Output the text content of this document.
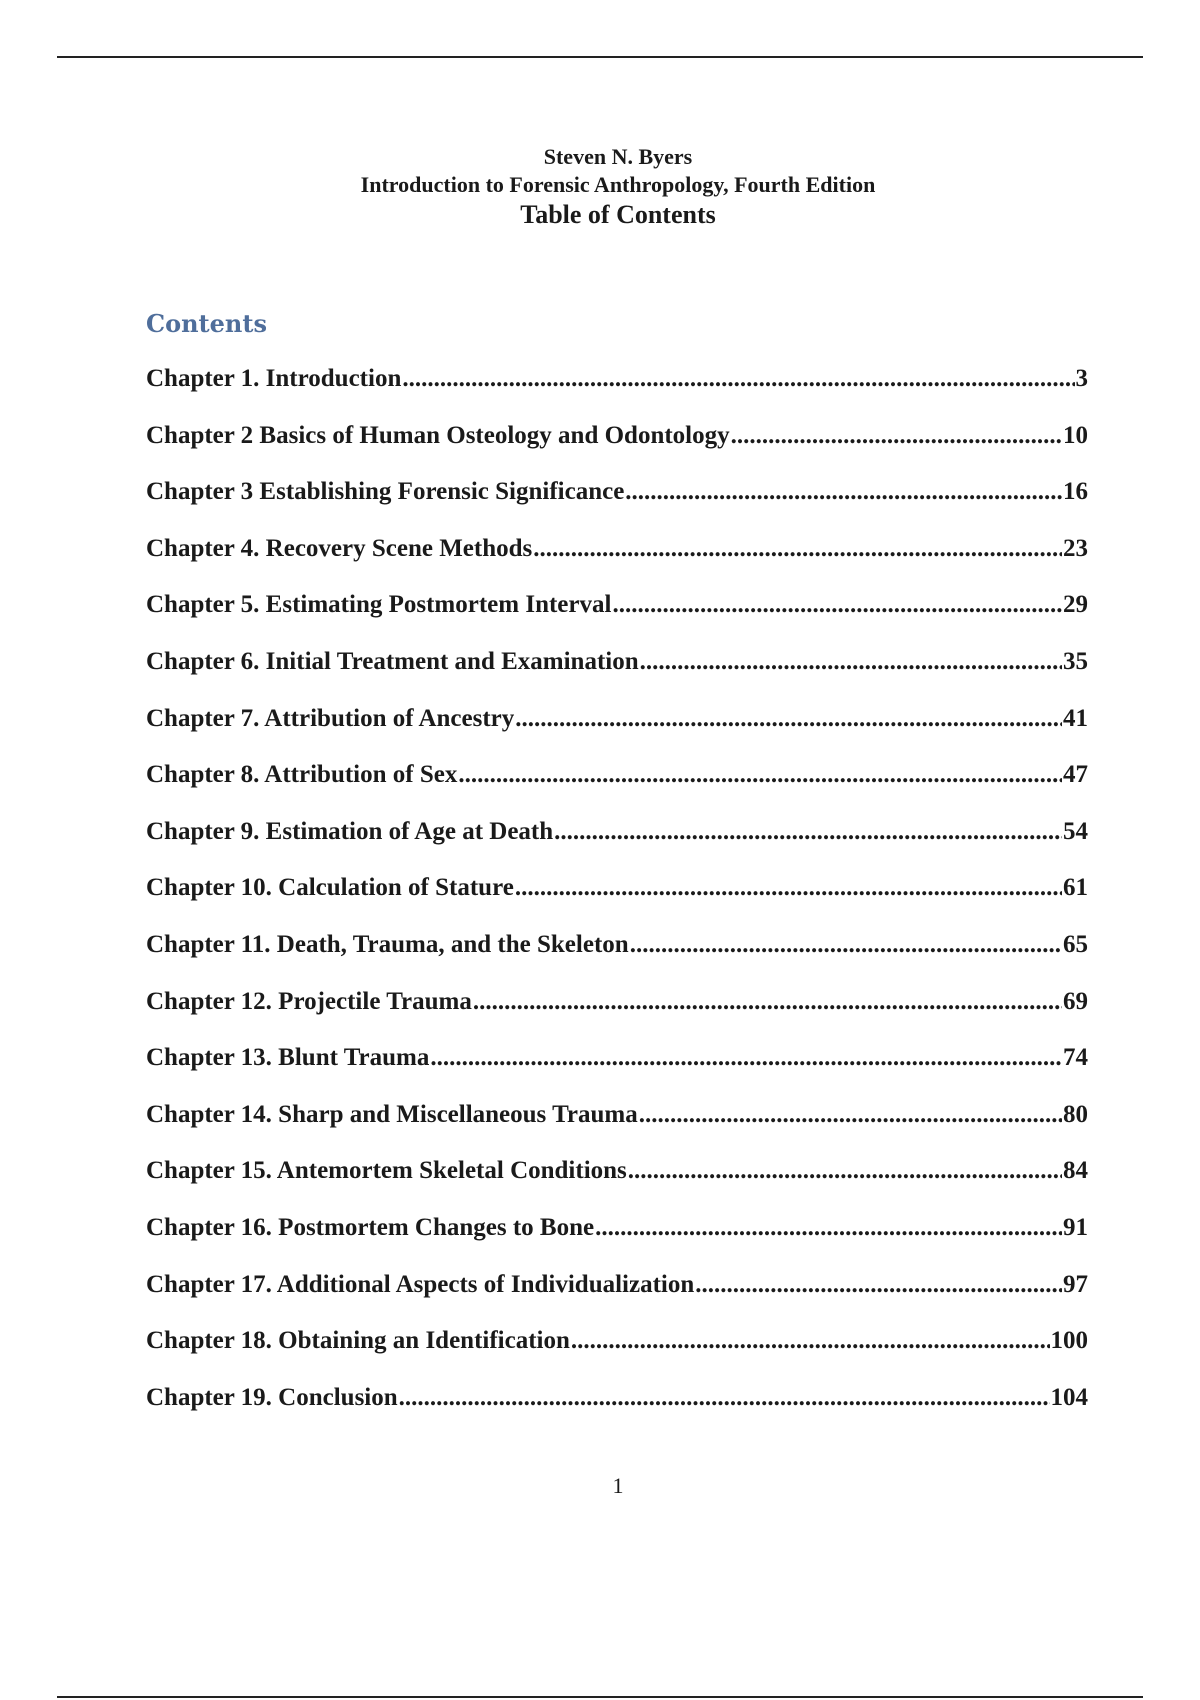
Steven N. Byers
Introduction to Forensic Anthropology, Fourth Edition
Table of Contents
Contents
Chapter 1. Introduction .....	3
Chapter 2 Basics of Human Osteology and Odontology .....	10
Chapter 3 Establishing Forensic Significance .....	16
Chapter 4. Recovery Scene Methods .....	23
Chapter 5. Estimating Postmortem Interval .....	29
Chapter 6. Initial Treatment and Examination .....	35
Chapter 7. Attribution of Ancestry .....	41
Chapter 8. Attribution of Sex .....	47
Chapter 9. Estimation of Age at Death .....	54
Chapter 10. Calculation of Stature .....	61
Chapter 11. Death, Trauma, and the Skeleton .....	65
Chapter 12. Projectile Trauma .....	69
Chapter 13. Blunt Trauma .....	74
Chapter 14. Sharp and Miscellaneous Trauma .....	80
Chapter 15. Antemortem Skeletal Conditions .....	84
Chapter 16. Postmortem Changes to Bone .....	91
Chapter 17. Additional Aspects of Individualization .....	97
Chapter 18. Obtaining an Identification .....	100
Chapter 19. Conclusion .....	104
1
